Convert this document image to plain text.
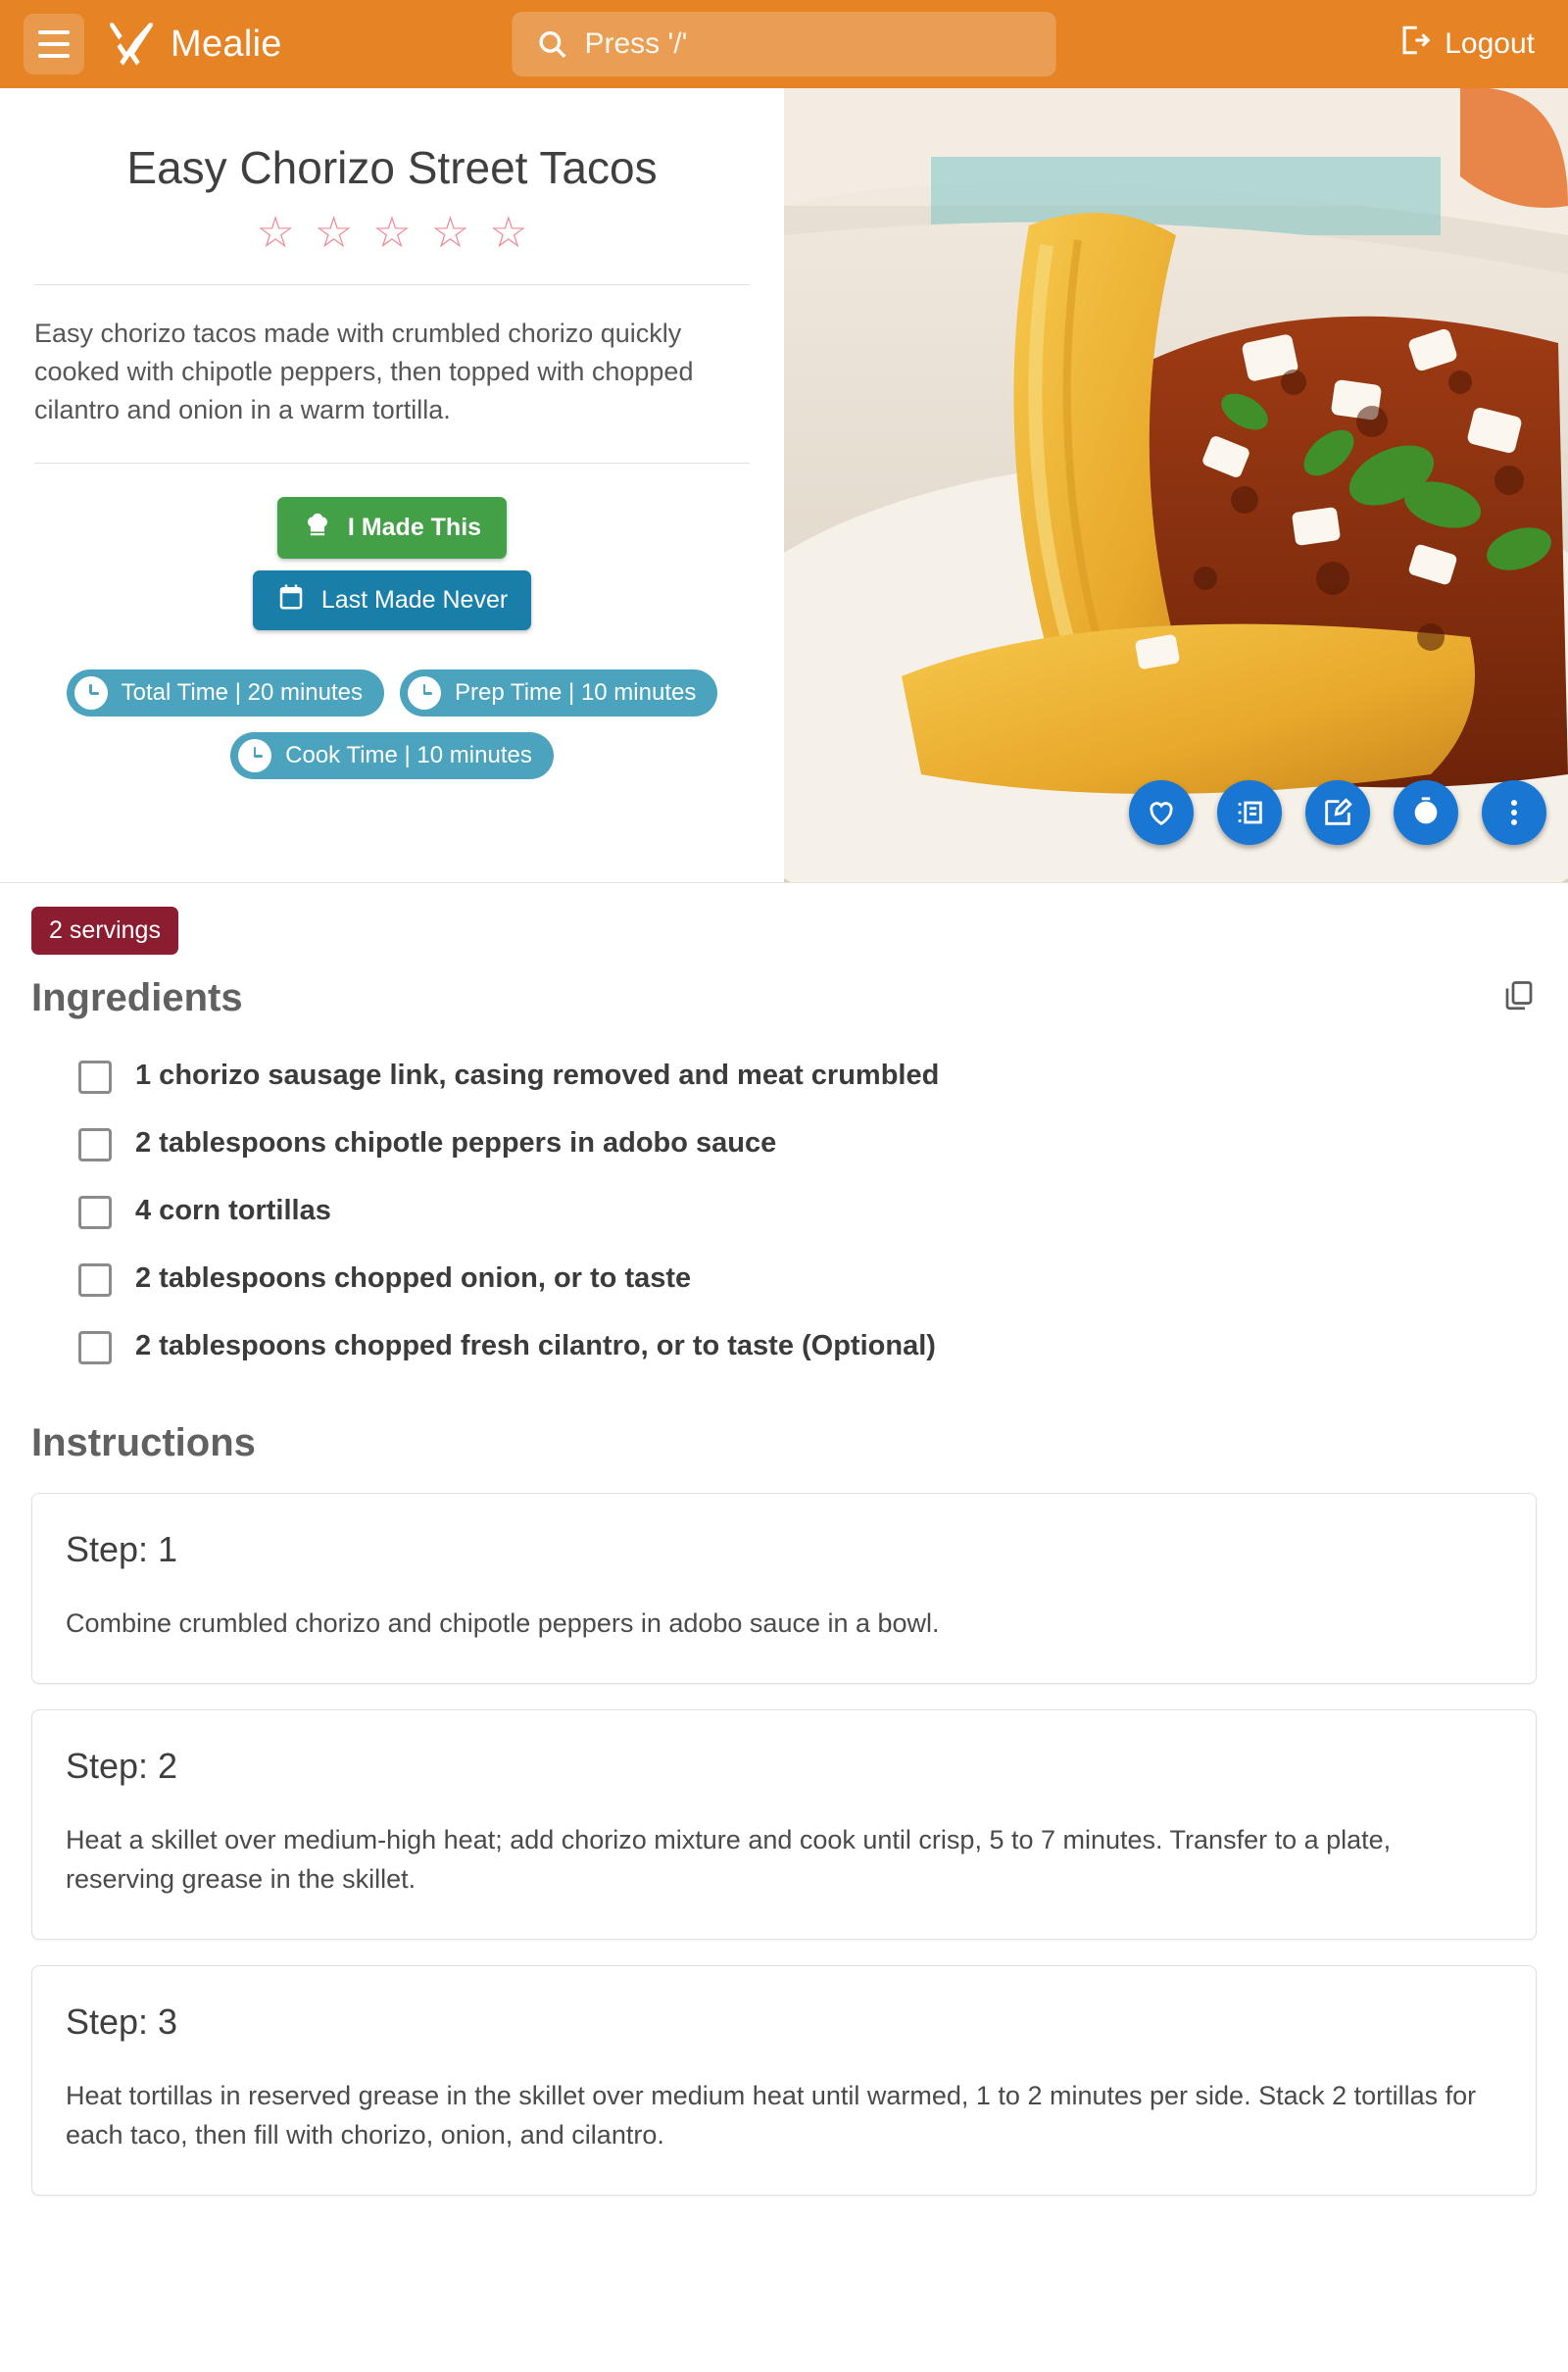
Mealie	Press '/'	Logout
Easy Chorizo Street Tacos
☆ ☆ ☆ ☆ ☆
Easy chorizo tacos made with crumbled chorizo quickly cooked with chipotle peppers, then topped with chopped cilantro and onion in a warm tortilla.
I Made This
Last Made Never
Total Time | 20 minutes	Prep Time | 10 minutes
Cook Time | 10 minutes
2 servings
Ingredients
1 chorizo sausage link, casing removed and meat crumbled
2 tablespoons chipotle peppers in adobo sauce
4 corn tortillas
2 tablespoons chopped onion, or to taste
2 tablespoons chopped fresh cilantro, or to taste (Optional)
Instructions
Step: 1
Combine crumbled chorizo and chipotle peppers in adobo sauce in a bowl.
Step: 2
Heat a skillet over medium-high heat; add chorizo mixture and cook until crisp, 5 to 7 minutes. Transfer to a plate, reserving grease in the skillet.
Step: 3
Heat tortillas in reserved grease in the skillet over medium heat until warmed, 1 to 2 minutes per side. Stack 2 tortillas for each taco, then fill with chorizo, onion, and cilantro.
